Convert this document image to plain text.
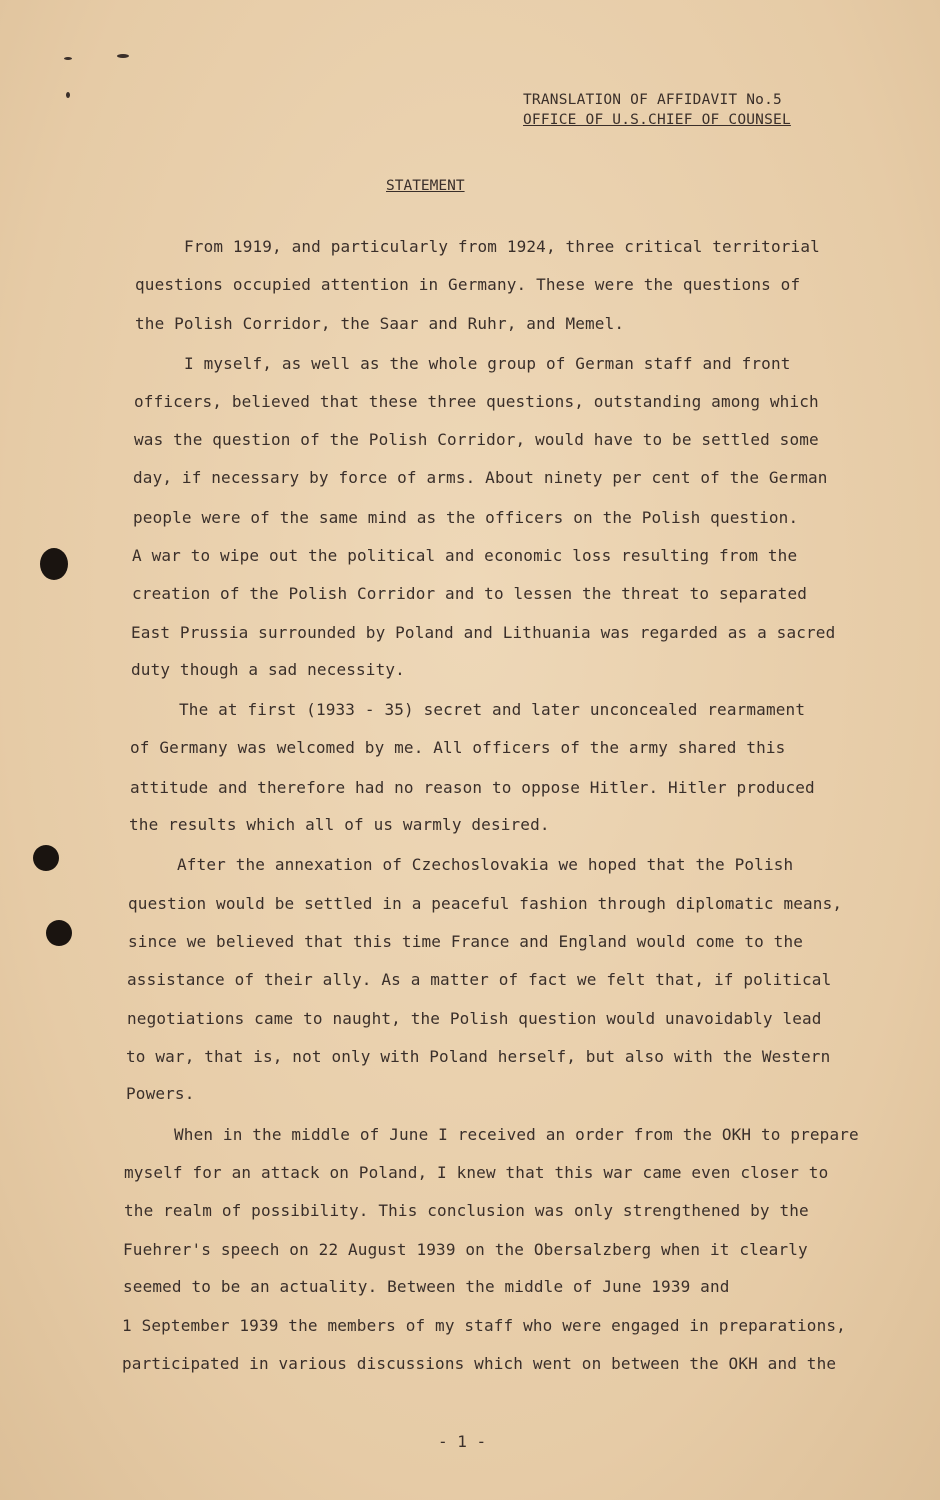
TRANSLATION OF AFFIDAVIT No.5
OFFICE OF U.S.CHIEF OF COUNSEL
STATEMENT
From 1919, and particularly from 1924, three critical territorial
questions occupied attention in Germany. These were the questions of
the Polish Corridor, the Saar and Ruhr, and Memel.
I myself, as well as the whole group of German staff and front
officers, believed that these three questions, outstanding among which
was the question of the Polish Corridor, would have to be settled some
day, if necessary by force of arms. About ninety per cent of the German
people were of the same mind as the officers on the Polish question.
A war to wipe out the political and economic loss resulting from the
creation of the Polish Corridor and to lessen the threat to separated
East Prussia surrounded by Poland and Lithuania was regarded as a sacred
duty though a sad necessity.
The at first (1933 - 35) secret and later unconcealed rearmament
of Germany was welcomed by me. All officers of the army shared this
attitude and therefore had no reason to oppose Hitler. Hitler produced
the results which all of us warmly desired.
After the annexation of Czechoslovakia we hoped that the Polish
question would be settled in a peaceful fashion through diplomatic means,
since we believed that this time France and England would come to the
assistance of their ally. As a matter of fact we felt that, if political
negotiations came to naught, the Polish question would unavoidably lead
to war, that is, not only with Poland herself, but also with the Western
Powers.
When in the middle of June I received an order from the OKH to prepare
myself for an attack on Poland, I knew that this war came even closer to
the realm of possibility. This conclusion was only strengthened by the
Fuehrer's speech on 22 August 1939 on the Obersalzberg when it clearly
seemed to be an actuality. Between the middle of June 1939 and
1 September 1939 the members of my staff who were engaged in preparations,
participated in various discussions which went on between the OKH and the
- 1 -
